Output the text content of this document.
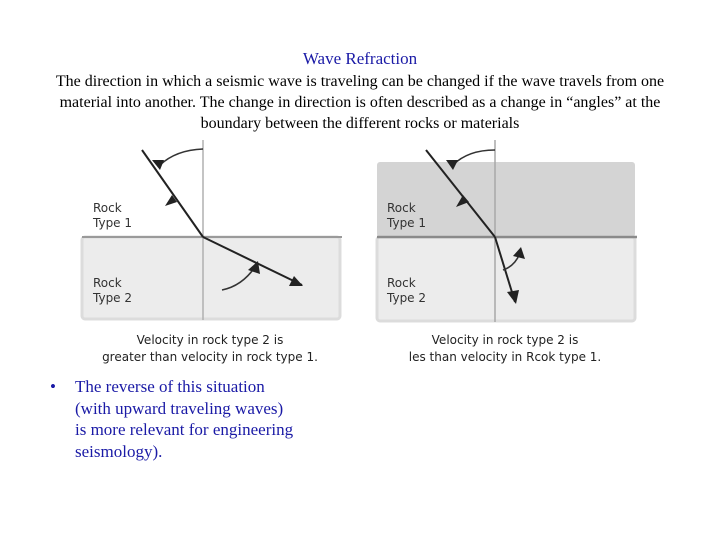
Wave Refraction
The direction in which a seismic wave is traveling can be changed if the wave travels from one material into another. The change in direction is often described as a change in “angles” at the boundary between the different rocks or materials
Rock
Type 1
Rock
Type 2
Velocity in rock type 2 is
greater than velocity in rock type 1.
Rock
Type 1
Rock
Type 2
Velocity in rock type 2 is
les than velocity in Rcok type 1.
• The reverse of this situation
(with upward traveling waves)
is more relevant for engineering
seismology).
